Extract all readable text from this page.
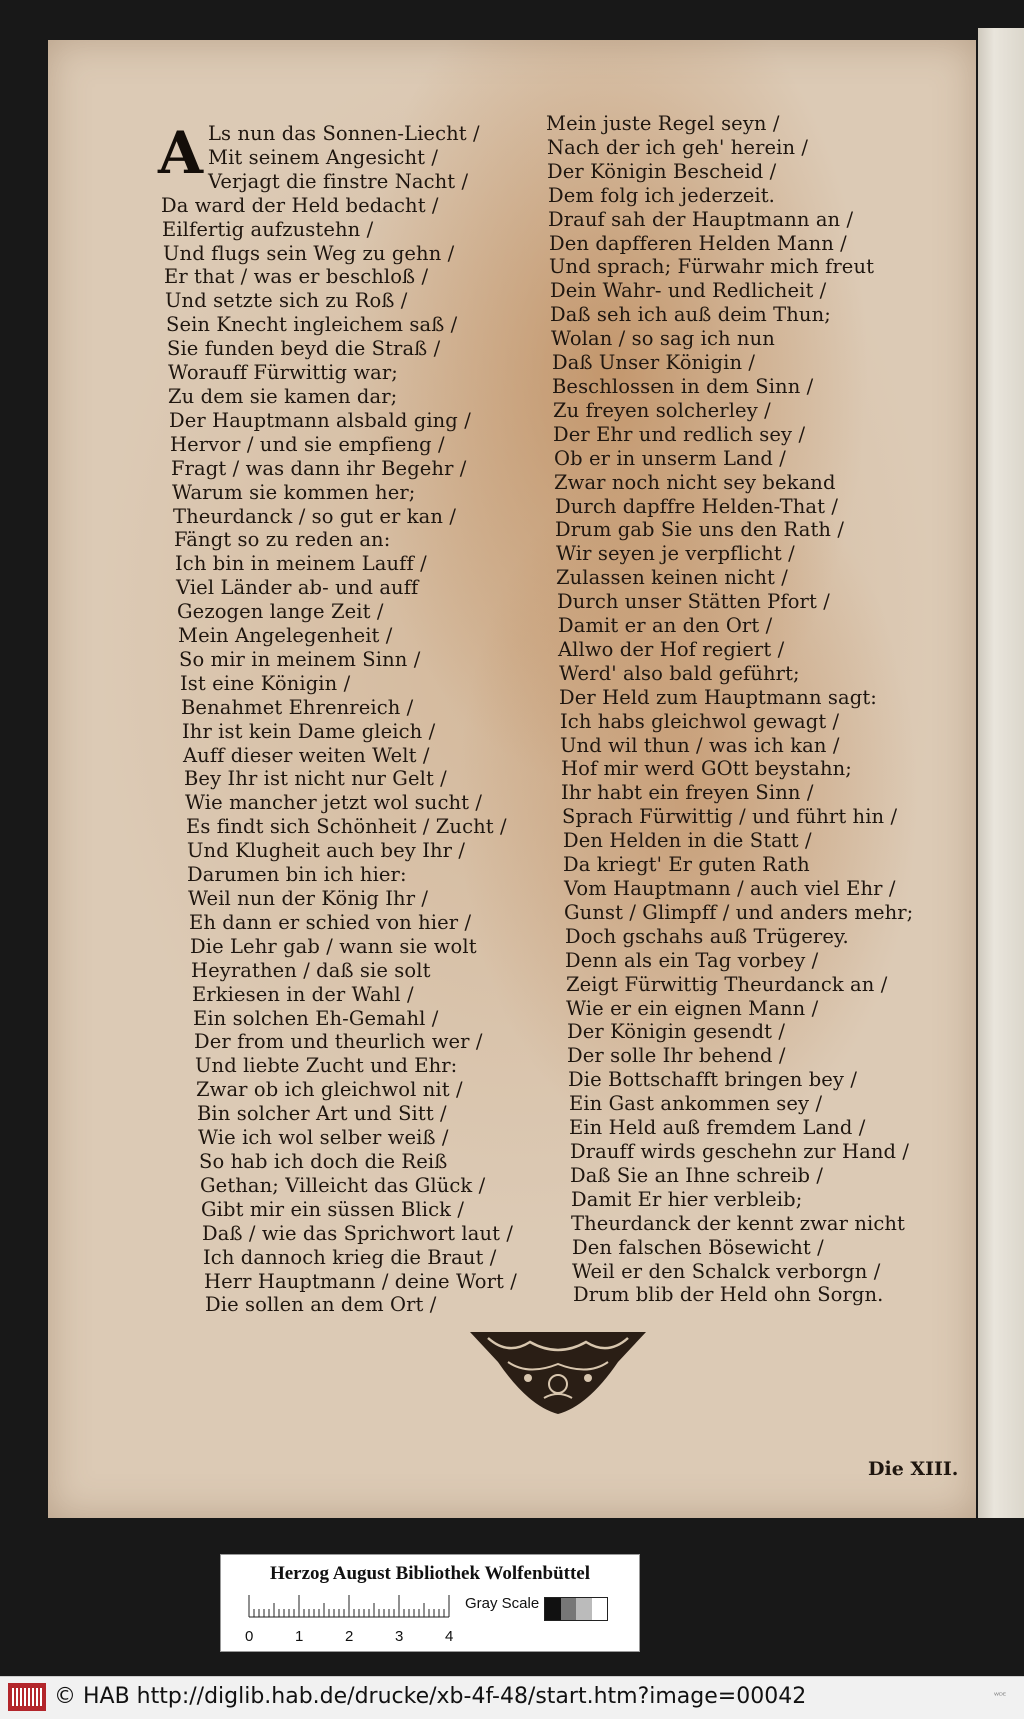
A Ls nun das Sonnen-Liecht /
Mit seinem Angesicht /
Verjagt die finstre Nacht /
Da ward der Held bedacht /
Eilfertig aufzustehn /
Und flugs sein Weg zu gehn /
Er that / was er beschloß /
Und setzte sich zu Roß /
Sein Knecht ingleichem saß /
Sie funden beyd die Straß /
Worauff Fürwittig war;
Zu dem sie kamen dar;
Der Hauptmann alsbald ging /
Hervor / und sie empfieng /
Fragt / was dann ihr Begehr /
Warum sie kommen her;
Theurdanck / so gut er kan /
Fängt so zu reden an:
Ich bin in meinem Lauff /
Viel Länder ab- und auff
Gezogen lange Zeit /
Mein Angelegenheit /
So mir in meinem Sinn /
Ist eine Königin /
Benahmet Ehrenreich /
Ihr ist kein Dame gleich /
Auff dieser weiten Welt /
Bey Ihr ist nicht nur Gelt /
Wie mancher jetzt wol sucht /
Es findt sich Schönheit / Zucht /
Und Klugheit auch bey Ihr /
Darumen bin ich hier:
Weil nun der König Ihr /
Eh dann er schied von hier /
Die Lehr gab / wann sie wolt
Heyrathen / daß sie solt
Erkiesen in der Wahl /
Ein solchen Eh-Gemahl /
Der from und theurlich wer /
Und liebte Zucht und Ehr:
Zwar ob ich gleichwol nit /
Bin solcher Art und Sitt /
Wie ich wol selber weiß /
So hab ich doch die Reiß
Gethan; Villeicht das Glück /
Gibt mir ein süssen Blick /
Daß / wie das Sprichwort laut /
Ich dannoch krieg die Braut /
Herr Hauptmann / deine Wort /
Die sollen an dem Ort /
Mein juste Regel seyn /
Nach der ich geh' herein /
Der Königin Bescheid /
Dem folg ich jederzeit.
Drauf sah der Hauptmann an /
Den dapfferen Helden Mann /
Und sprach; Fürwahr mich freut
Dein Wahr- und Redlicheit /
Daß seh ich auß deim Thun;
Wolan / so sag ich nun
Daß Unser Königin /
Beschlossen in dem Sinn /
Zu freyen solcherley /
Der Ehr und redlich sey /
Ob er in unserm Land /
Zwar noch nicht sey bekand
Durch dapffre Helden-That /
Drum gab Sie uns den Rath /
Wir seyen je verpflicht /
Zulassen keinen nicht /
Durch unser Stätten Pfort /
Damit er an den Ort /
Allwo der Hof regiert /
Werd' also bald geführt;
Der Held zum Hauptmann sagt:
Ich habs gleichwol gewagt /
Und wil thun / was ich kan /
Hof mir werd GOtt beystahn;
Ihr habt ein freyen Sinn /
Sprach Fürwittig / und führt hin /
Den Helden in die Statt /
Da kriegt' Er guten Rath
Vom Hauptmann / auch viel Ehr /
Gunst / Glimpff / und anders mehr;
Doch gschahs auß Trügerey.
Denn als ein Tag vorbey /
Zeigt Fürwittig Theurdanck an /
Wie er ein eignen Mann /
Der Königin gesendt /
Der solle Ihr behend /
Die Bottschafft bringen bey /
Ein Gast ankommen sey /
Ein Held auß fremdem Land /
Drauff wirds geschehn zur Hand /
Daß Sie an Ihne schreib /
Damit Er hier verbleib;
Theurdanck der kennt zwar nicht
Den falschen Bösewicht /
Weil er den Schalck verborgn /
Drum blib der Held ohn Sorgn.
Die XIII.
Herzog August Bibliothek Wolfenbüttel
0	1	2	3	4
Gray Scale
© HAB http://diglib.hab.de/drucke/xb-4f-48/start.htm?image=00042	ᵂᴰᴱ
